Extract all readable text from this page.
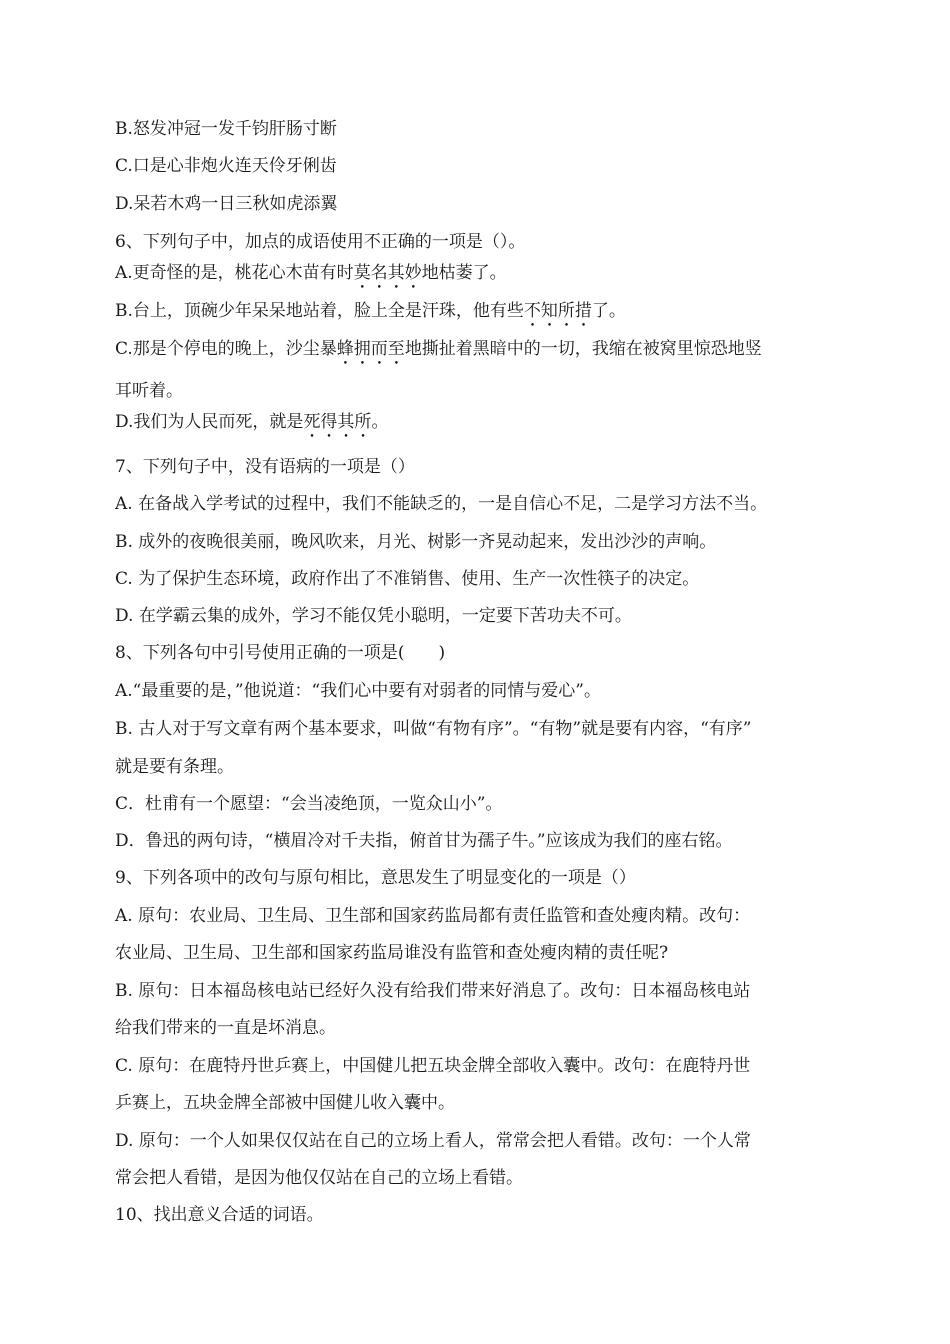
B.怒发冲冠一发千钧肝肠寸断
C.口是心非炮火连天伶牙俐齿
D.呆若木鸡一日三秋如虎添翼
6、下列句子中，加点的成语使用不正确的一项是（）。
A.更奇怪的是，桃花心木苗有时莫名其妙地枯萎了。
B.台上，顶碗少年呆呆地站着，脸上全是汗珠，他有些不知所措了。
C.那是个停电的晚上，沙尘暴蜂拥而至地撕扯着黑暗中的一切，我缩在被窝里惊恐地竖
耳听着。
D.我们为人民而死，就是死得其所。
7、下列句子中，没有语病的一项是（）
A. 在备战入学考试的过程中，我们不能缺乏的，一是自信心不足，二是学习方法不当。
B. 成外的夜晚很美丽，晚风吹来，月光、树影一齐晃动起来，发出沙沙的声响。
C. 为了保护生态环境，政府作出了不准销售、使用、生产一次性筷子的决定。
D. 在学霸云集的成外，学习不能仅凭小聪明，一定要下苦功夫不可。
8、下列各句中引号使用正确的一项是(　　)
A.“最重要的是，”他说道：“我们心中要有对弱者的同情与爱心”。
B. 古人对于写文章有两个基本要求，叫做“有物有序”。“有物”就是要有内容，“有序”
就是要有条理。
C．杜甫有一个愿望：“会当凌绝顶，一览众山小”。
D．鲁迅的两句诗，“横眉冷对千夫指，俯首甘为孺子牛。”应该成为我们的座右铭。
9、下列各项中的改句与原句相比，意思发生了明显变化的一项是（）
A. 原句：农业局、卫生局、卫生部和国家药监局都有责任监管和查处瘦肉精。改句：
农业局、卫生局、卫生部和国家药监局谁没有监管和查处瘦肉精的责任呢?
B. 原句：日本福岛核电站已经好久没有给我们带来好消息了。改句：日本福岛核电站
给我们带来的一直是坏消息。
C. 原句：在鹿特丹世乒赛上，中国健儿把五块金牌全部收入囊中。改句：在鹿特丹世
乒赛上，五块金牌全部被中国健儿收入囊中。
D. 原句：一个人如果仅仅站在自己的立场上看人，常常会把人看错。改句：一个人常
常会把人看错，是因为他仅仅站在自己的立场上看错。
10、找出意义合适的词语。
